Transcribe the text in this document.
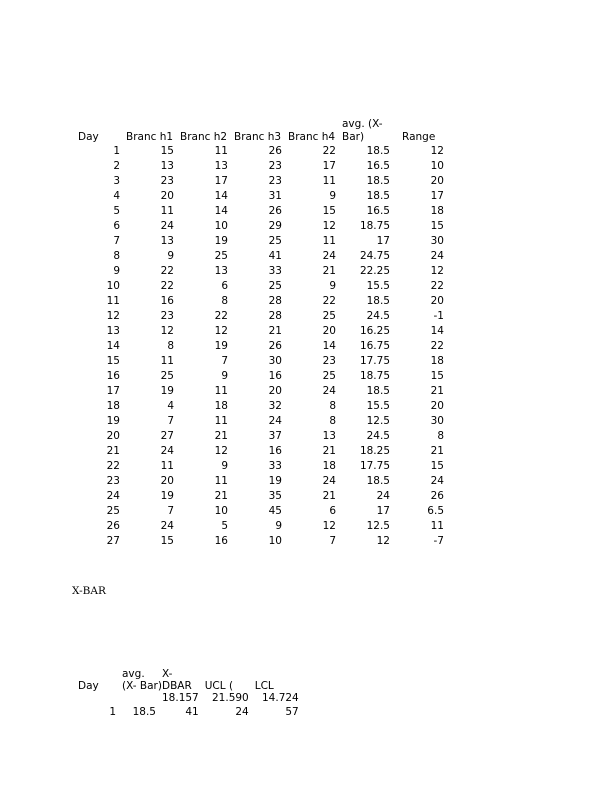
Day	Branc h1	Branc h2	Branc h3	Branc h4	avg. (X- Bar)	Range
1	15	11	26	22	18.5	12
2	13	13	23	17	16.5	10
3	23	17	23	11	18.5	20
4	20	14	31	9	18.5	17
5	11	14	26	15	16.5	18
6	24	10	29	12	18.75	15
7	13	19	25	11	17	30
8	9	25	41	24	24.75	24
9	22	13	33	21	22.25	12
10	22	6	25	9	15.5	22
11	16	8	28	22	18.5	20
12	23	22	28	25	24.5	-1
13	12	12	21	20	16.25	14
14	8	19	26	14	16.75	22
15	11	7	30	23	17.75	18
16	25	9	16	25	18.75	15
17	19	11	20	24	18.5	21
18	4	18	32	8	15.5	20
19	7	11	24	8	12.5	30
20	27	21	37	13	24.5	8
21	24	12	16	21	18.25	21
22	11	9	33	18	17.75	15
23	20	11	19	24	18.5	24
24	19	21	35	21	24	26
25	7	10	45	6	17	6.5
26	24	5	9	12	12.5	11
27	15	16	10	7	12	-7
X-BAR
Day	avg. (X- Bar)	X- DBAR	UCL (	LCL
		18.157	21.590	14.724
1	18.5	41	24	57
